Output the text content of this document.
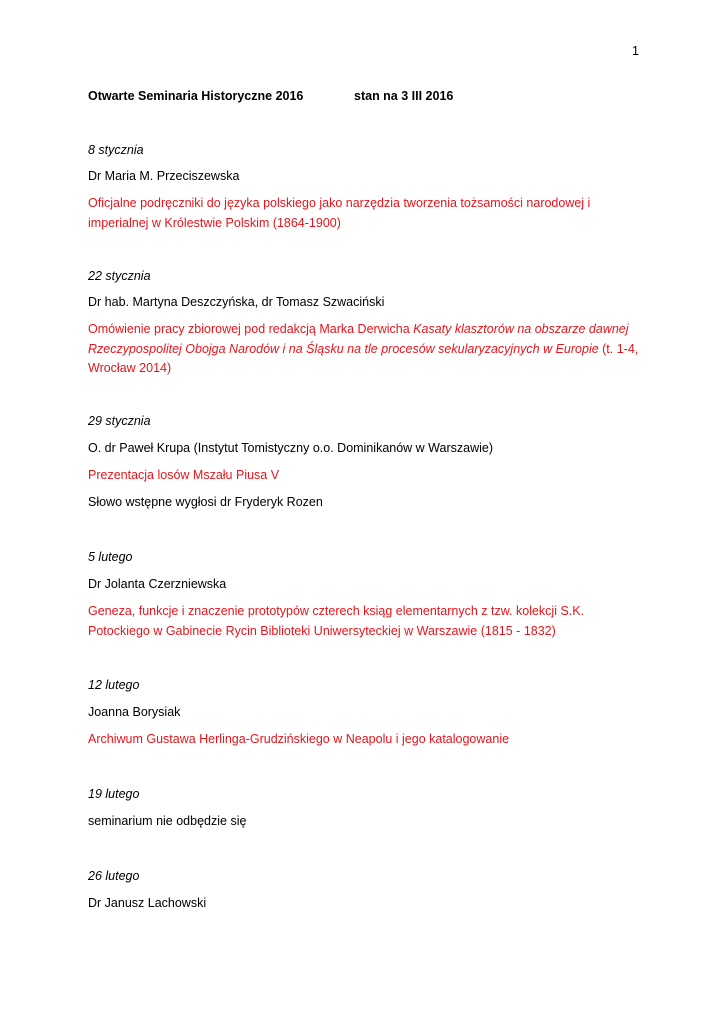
1
Otwarte Seminaria Historyczne 2016	stan na 3 III 2016
8 stycznia
Dr Maria M. Przeciszewska
Oficjalne podręczniki do języka polskiego jako narzędzia tworzenia tożsamości narodowej i imperialnej w Królestwie Polskim (1864-1900)
22 stycznia
Dr hab. Martyna Deszczyńska, dr Tomasz Szwaciński
Omówienie pracy zbiorowej pod redakcją Marka Derwicha Kasaty klasztorów na obszarze dawnej Rzeczypospolitej Obojga Narodów i na Śląsku na tle procesów sekularyzacyjnych w Europie (t. 1-4, Wrocław 2014)
29 stycznia
O. dr Paweł Krupa (Instytut Tomistyczny o.o. Dominikanów w Warszawie)
Prezentacja losów Mszału Piusa V
Słowo wstępne wygłosi dr Fryderyk Rozen
5 lutego
Dr Jolanta Czerzniewska
Geneza, funkcje i znaczenie prototypów czterech ksiąg elementarnych z tzw. kolekcji S.K. Potockiego w Gabinecie Rycin Biblioteki Uniwersyteckiej w Warszawie (1815 - 1832)
12 lutego
Joanna Borysiak
Archiwum Gustawa Herlinga-Grudzińskiego w Neapolu i jego katalogowanie
19 lutego
seminarium nie odbędzie się
26 lutego
Dr Janusz Lachowski
